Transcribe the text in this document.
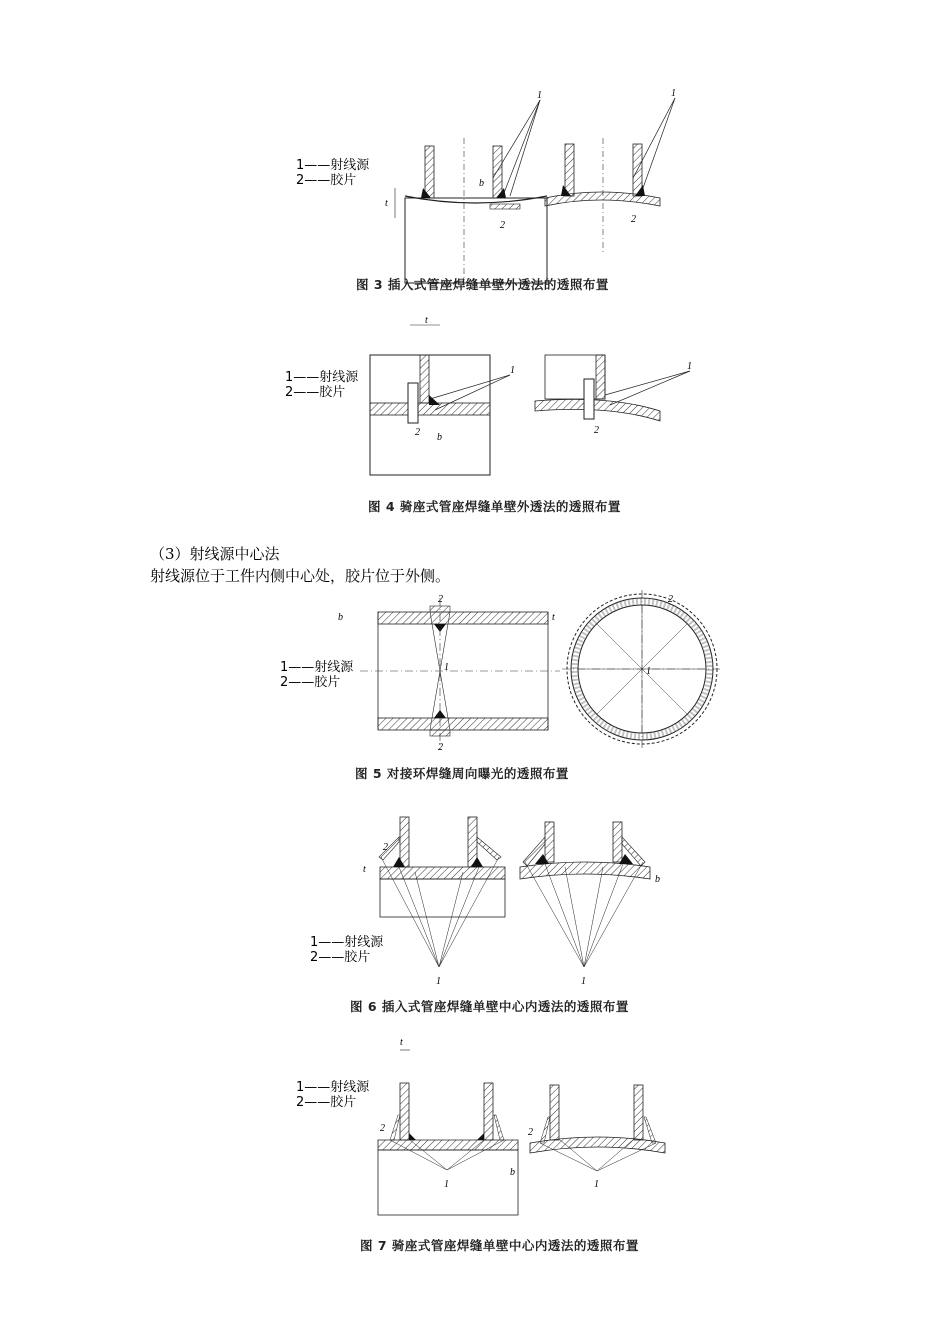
1——射线源
2——胶片
t
b
2
1	1
2
图 3 插入式管座焊缝单壁外透法的透照布置
1——射线源
2——胶片
t
b
2
1	1
2
图 4 骑座式管座焊缝单壁外透法的透照布置
（3）射线源中心法
射线源位于工件内侧中心处，胶片位于外侧。
1——射线源
2——胶片
b	t
1
2
2
1
2
图 5 对接环焊缝周向曝光的透照布置
1——射线源
2——胶片
1
2
t
1
b
图 6 插入式管座焊缝单壁中心内透法的透照布置
1——射线源
2——胶片
t
2
1
b
1
2
图 7 骑座式管座焊缝单壁中心内透法的透照布置
